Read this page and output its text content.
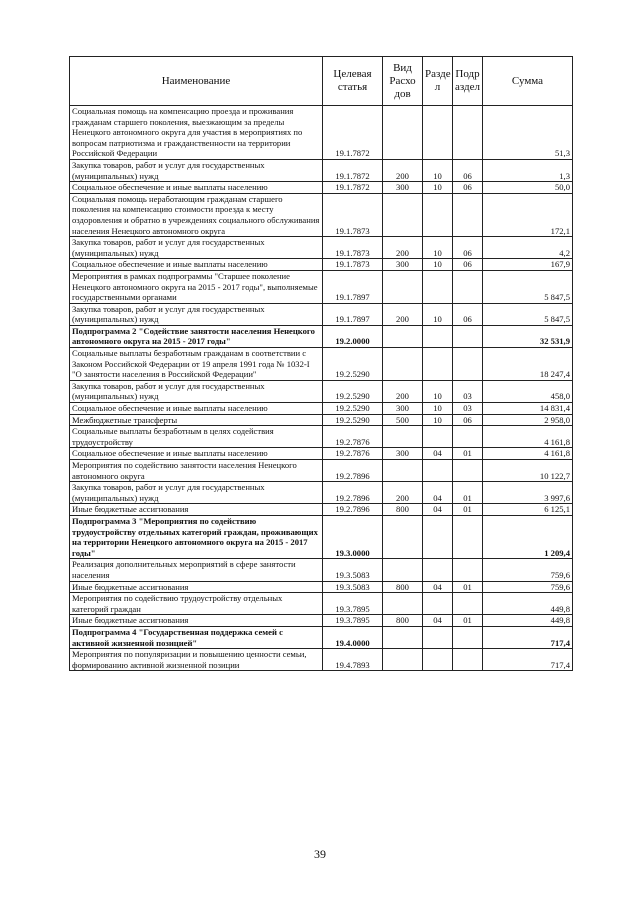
Наименование	Целевая статья	Вид Расхо дов	Разде л	Подр аздел	Сумма
Социальная помощь на компенсацию проезда и проживания гражданам старшего поколения, выезжающим за пределы Ненецкого автономного округа для участия в мероприятиях по вопросам патриотизма и гражданственности на территории Российской Федерации	19.1.7872				51,3
Закупка товаров, работ и услуг для государственных (муниципальных) нужд	19.1.7872	200	10	06	1,3
Социальное обеспечение и иные выплаты населению	19.1.7872	300	10	06	50,0
Социальная помощь неработающим гражданам старшего поколения на компенсацию стоимости проезда к месту оздоровления и обратно в учреждениях социального обслуживания населения Ненецкого автономного округа	19.1.7873				172,1
Закупка товаров, работ и услуг для государственных (муниципальных) нужд	19.1.7873	200	10	06	4,2
Социальное обеспечение и иные выплаты населению	19.1.7873	300	10	06	167,9
Мероприятия в рамках подпрограммы "Старшее поколение Ненецкого автономного округа на 2015 - 2017 годы", выполняемые государственными органами	19.1.7897				5 847,5
Закупка товаров, работ и услуг для государственных (муниципальных) нужд	19.1.7897	200	10	06	5 847,5
Подпрограмма 2 "Содействие занятости населения Ненецкого автономного округа на 2015 - 2017 годы"	19.2.0000				32 531,9
Социальные выплаты безработным гражданам в соответствии с Законом Российской Федерации от 19 апреля 1991 года № 1032-I "О занятости населения в Российской Федерации"	19.2.5290				18 247,4
Закупка товаров, работ и услуг для государственных (муниципальных) нужд	19.2.5290	200	10	03	458,0
Социальное обеспечение и иные выплаты населению	19.2.5290	300	10	03	14 831,4
Межбюджетные трансферты	19.2.5290	500	10	06	2 958,0
Социальные выплаты безработным в целях содействия трудоустройству	19.2.7876				4 161,8
Социальное обеспечение и иные выплаты населению	19.2.7876	300	04	01	4 161,8
Мероприятия по содействию занятости населения Ненецкого автономного округа	19.2.7896				10 122,7
Закупка товаров, работ и услуг для государственных (муниципальных) нужд	19.2.7896	200	04	01	3 997,6
Иные бюджетные ассигнования	19.2.7896	800	04	01	6 125,1
Подпрограмма 3 "Мероприятия по содействию трудоустройству отдельных категорий граждан, проживающих на территории Ненецкого автономного округа на 2015 - 2017 годы"	19.3.0000				1 209,4
Реализация дополнительных мероприятий в сфере занятости населения	19.3.5083				759,6
Иные бюджетные ассигнования	19.3.5083	800	04	01	759,6
Мероприятия по содействию трудоустройству отдельных категорий граждан	19.3.7895				449,8
Иные бюджетные ассигнования	19.3.7895	800	04	01	449,8
Подпрограмма 4 "Государственная поддержка семей с активной жизненной позицией"	19.4.0000				717,4
Мероприятия по популяризации и повышению ценности семьи, формированию активной жизненной позиции	19.4.7893				717,4
39
